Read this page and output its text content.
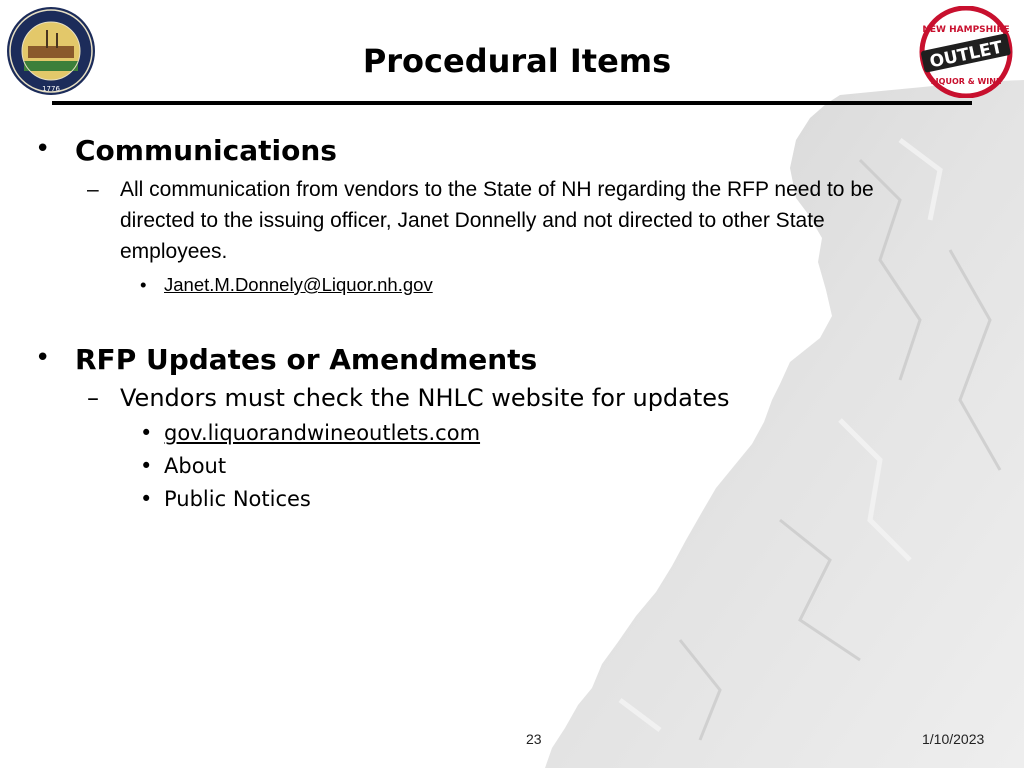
1776
NEW HAMPSHIRE
OUTLET
LIQUOR & WINE
Procedural Items
• Communications
– All communication from vendors to the State of NH regarding the RFP need to be
directed to the issuing officer, Janet Donnelly and not directed to other State
employees.
• Janet.M.Donnely@Liquor.nh.gov
• RFP Updates or Amendments
– Vendors must check the NHLC website for updates
• gov.liquorandwineoutlets.com
• About
• Public Notices
23	1/10/2023
